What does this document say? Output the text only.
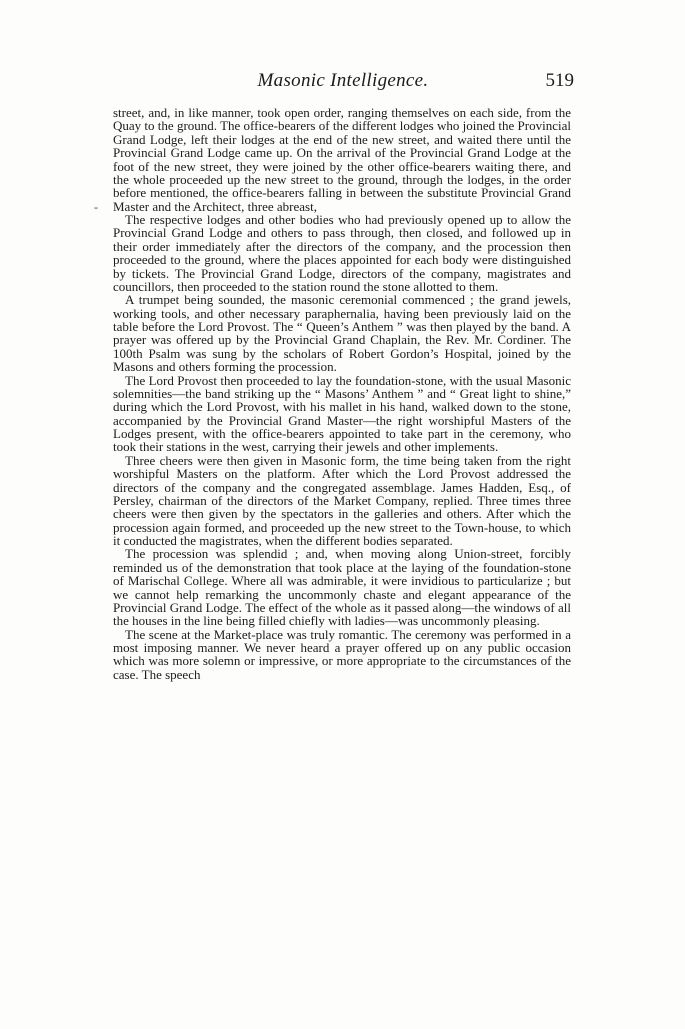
Masonic Intelligence.	519
-

street, and, in like manner, took open order, ranging themselves on each side, from the Quay to the ground. The office-bearers of the different lodges who joined the Provincial Grand Lodge, left their lodges at the end of the new street, and waited there until the Provincial Grand Lodge came up. On the arrival of the Provincial Grand Lodge at the foot of the new street, they were joined by the other office-bearers waiting there, and the whole proceeded up the new street to the ground, through the lodges, in the order before mentioned, the office-bearers falling in between the substitute Provincial Grand Master and the Architect, three abreast,

The respective lodges and other bodies who had previously opened up to allow the Provincial Grand Lodge and others to pass through, then closed, and followed up in their order immediately after the directors of the company, and the procession then proceeded to the ground, where the places appointed for each body were distinguished by tickets. The Provincial Grand Lodge, directors of the company, magistrates and councillors, then proceeded to the station round the stone allotted to them.

A trumpet being sounded, the masonic ceremonial commenced ; the grand jewels, working tools, and other necessary paraphernalia, having been previously laid on the table before the Lord Provost. The “ Queen’s Anthem ” was then played by the band. A prayer was offered up by the Provincial Grand Chaplain, the Rev. Mr. Cordiner. The 100th Psalm was sung by the scholars of Robert Gordon’s Hospital, joined by the Masons and others forming the procession.

The Lord Provost then proceeded to lay the foundation-stone, with the usual Masonic solemnities—the band striking up the “ Masons’ Anthem ” and “ Great light to shine,” during which the Lord Provost, with his mallet in his hand, walked down to the stone, accompanied by the Provincial Grand Master—the right worshipful Masters of the Lodges present, with the office-bearers appointed to take part in the ceremony, who took their stations in the west, carrying their jewels and other implements.

Three cheers were then given in Masonic form, the time being taken from the right worshipful Masters on the platform. After which the Lord Provost addressed the directors of the company and the congregated assemblage. James Hadden, Esq., of Persley, chairman of the directors of the Market Company, replied. Three times three cheers were then given by the spectators in the galleries and others. After which the procession again formed, and proceeded up the new street to the Town-house, to which it conducted the magistrates, when the different bodies separated.

The procession was splendid ; and, when moving along Union-street, forcibly reminded us of the demonstration that took place at the laying of the foundation-stone of Marischal College. Where all was admirable, it were invidious to particularize ; but we cannot help remarking the uncommonly chaste and elegant appearance of the Provincial Grand Lodge. The effect of the whole as it passed along—the windows of all the houses in the line being filled chiefly with ladies—was uncommonly pleasing.

The scene at the Market-place was truly romantic. The ceremony was performed in a most imposing manner. We never heard a prayer offered up on any public occasion which was more solemn or impressive, or more appropriate to the circumstances of the case. The speech
